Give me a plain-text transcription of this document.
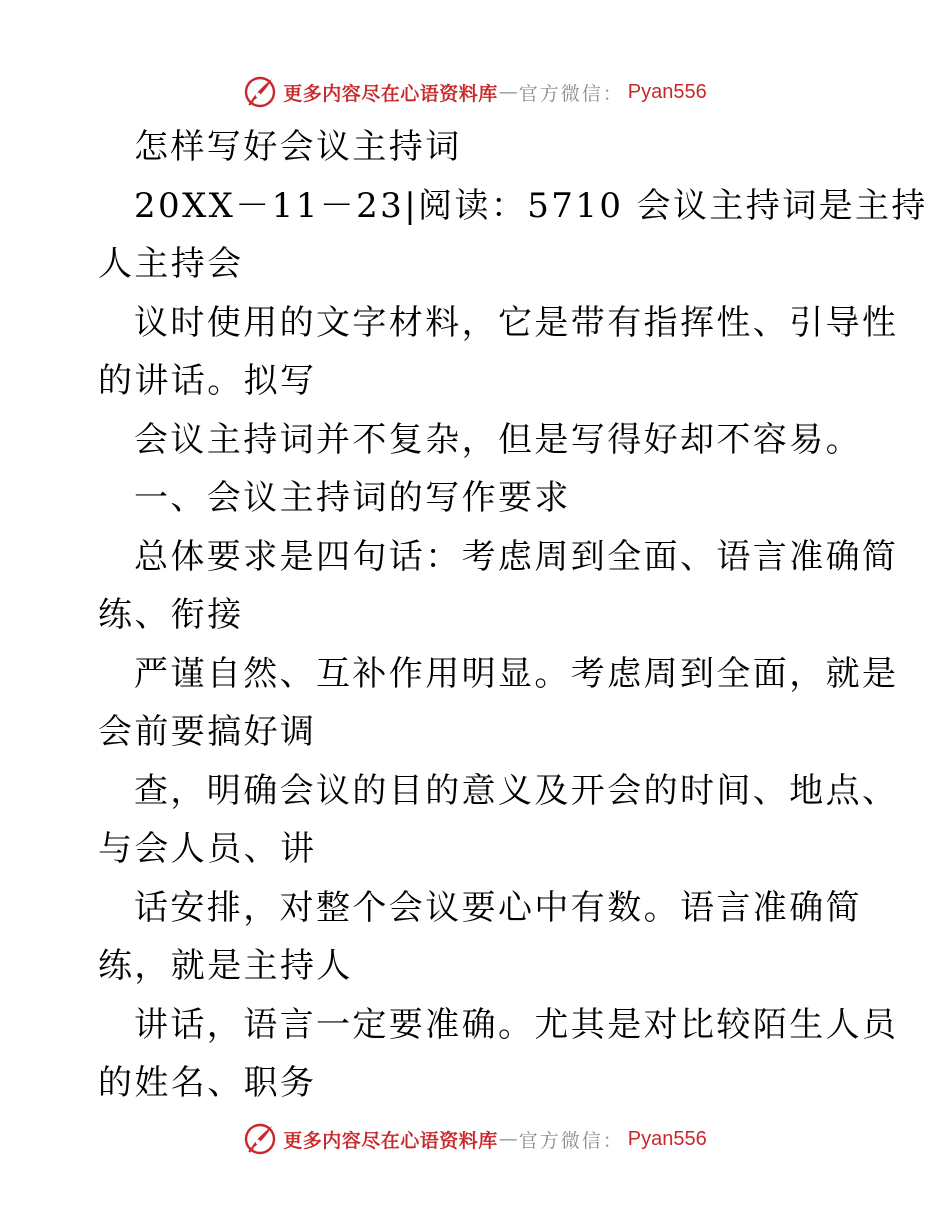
更多内容尽在心语资料库 — 官方微信： Pyan556

怎样写好会议主持词

20XX－11－23|阅读：5710 会议主持词是主持

人主持会

议时使用的文字材料，它是带有指挥性、引导性

的讲话。拟写

会议主持词并不复杂，但是写得好却不容易。

一、会议主持词的写作要求

总体要求是四句话：考虑周到全面、语言准确简

练、衔接

严谨自然、互补作用明显。考虑周到全面，就是

会前要搞好调

查，明确会议的目的意义及开会的时间、地点、

与会人员、讲

话安排，对整个会议要心中有数。语言准确简

练，就是主持人

讲话，语言一定要准确。尤其是对比较陌生人员

的姓名、职务

更多内容尽在心语资料库 — 官方微信： Pyan556
